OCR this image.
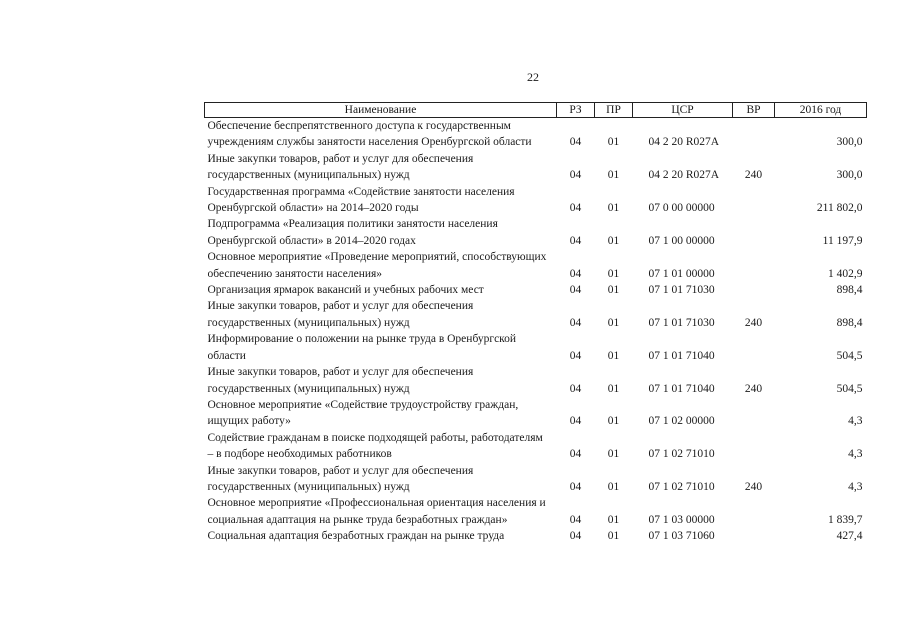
22
Наименование	РЗ	ПР	ЦСР	ВР	2016 год
Обеспечение беспрепятственного доступа к государственным учреждениям службы занятости населения Оренбургской области	04	01	04 2 20 R027A		300,0
Иные закупки товаров, работ и услуг для обеспечения государственных (муниципальных) нужд	04	01	04 2 20 R027A	240	300,0
Государственная программа «Содействие занятости населения Оренбургской области» на 2014–2020 годы	04	01	07 0 00 00000		211 802,0
Подпрограмма «Реализация политики занятости населения Оренбургской области» в 2014–2020 годах	04	01	07 1 00 00000		11 197,9
Основное мероприятие «Проведение мероприятий, способствующих обеспечению занятости населения»	04	01	07 1 01 00000		1 402,9
Организация ярмарок вакансий и учебных рабочих мест	04	01	07 1 01 71030		898,4
Иные закупки товаров, работ и услуг для обеспечения государственных (муниципальных) нужд	04	01	07 1 01 71030	240	898,4
Информирование о положении на рынке труда в Оренбургской области	04	01	07 1 01 71040		504,5
Иные закупки товаров, работ и услуг для обеспечения государственных (муниципальных) нужд	04	01	07 1 01 71040	240	504,5
Основное мероприятие «Содействие трудоустройству граждан, ищущих работу»	04	01	07 1 02 00000		4,3
Содействие гражданам в поиске подходящей работы, работодателям – в подборе необходимых работников	04	01	07 1 02 71010		4,3
Иные закупки товаров, работ и услуг для обеспечения государственных (муниципальных) нужд	04	01	07 1 02 71010	240	4,3
Основное мероприятие «Профессиональная ориентация населения и социальная адаптация на рынке труда безработных граждан»	04	01	07 1 03 00000		1 839,7
Социальная адаптация безработных граждан на рынке труда	04	01	07 1 03 71060		427,4
